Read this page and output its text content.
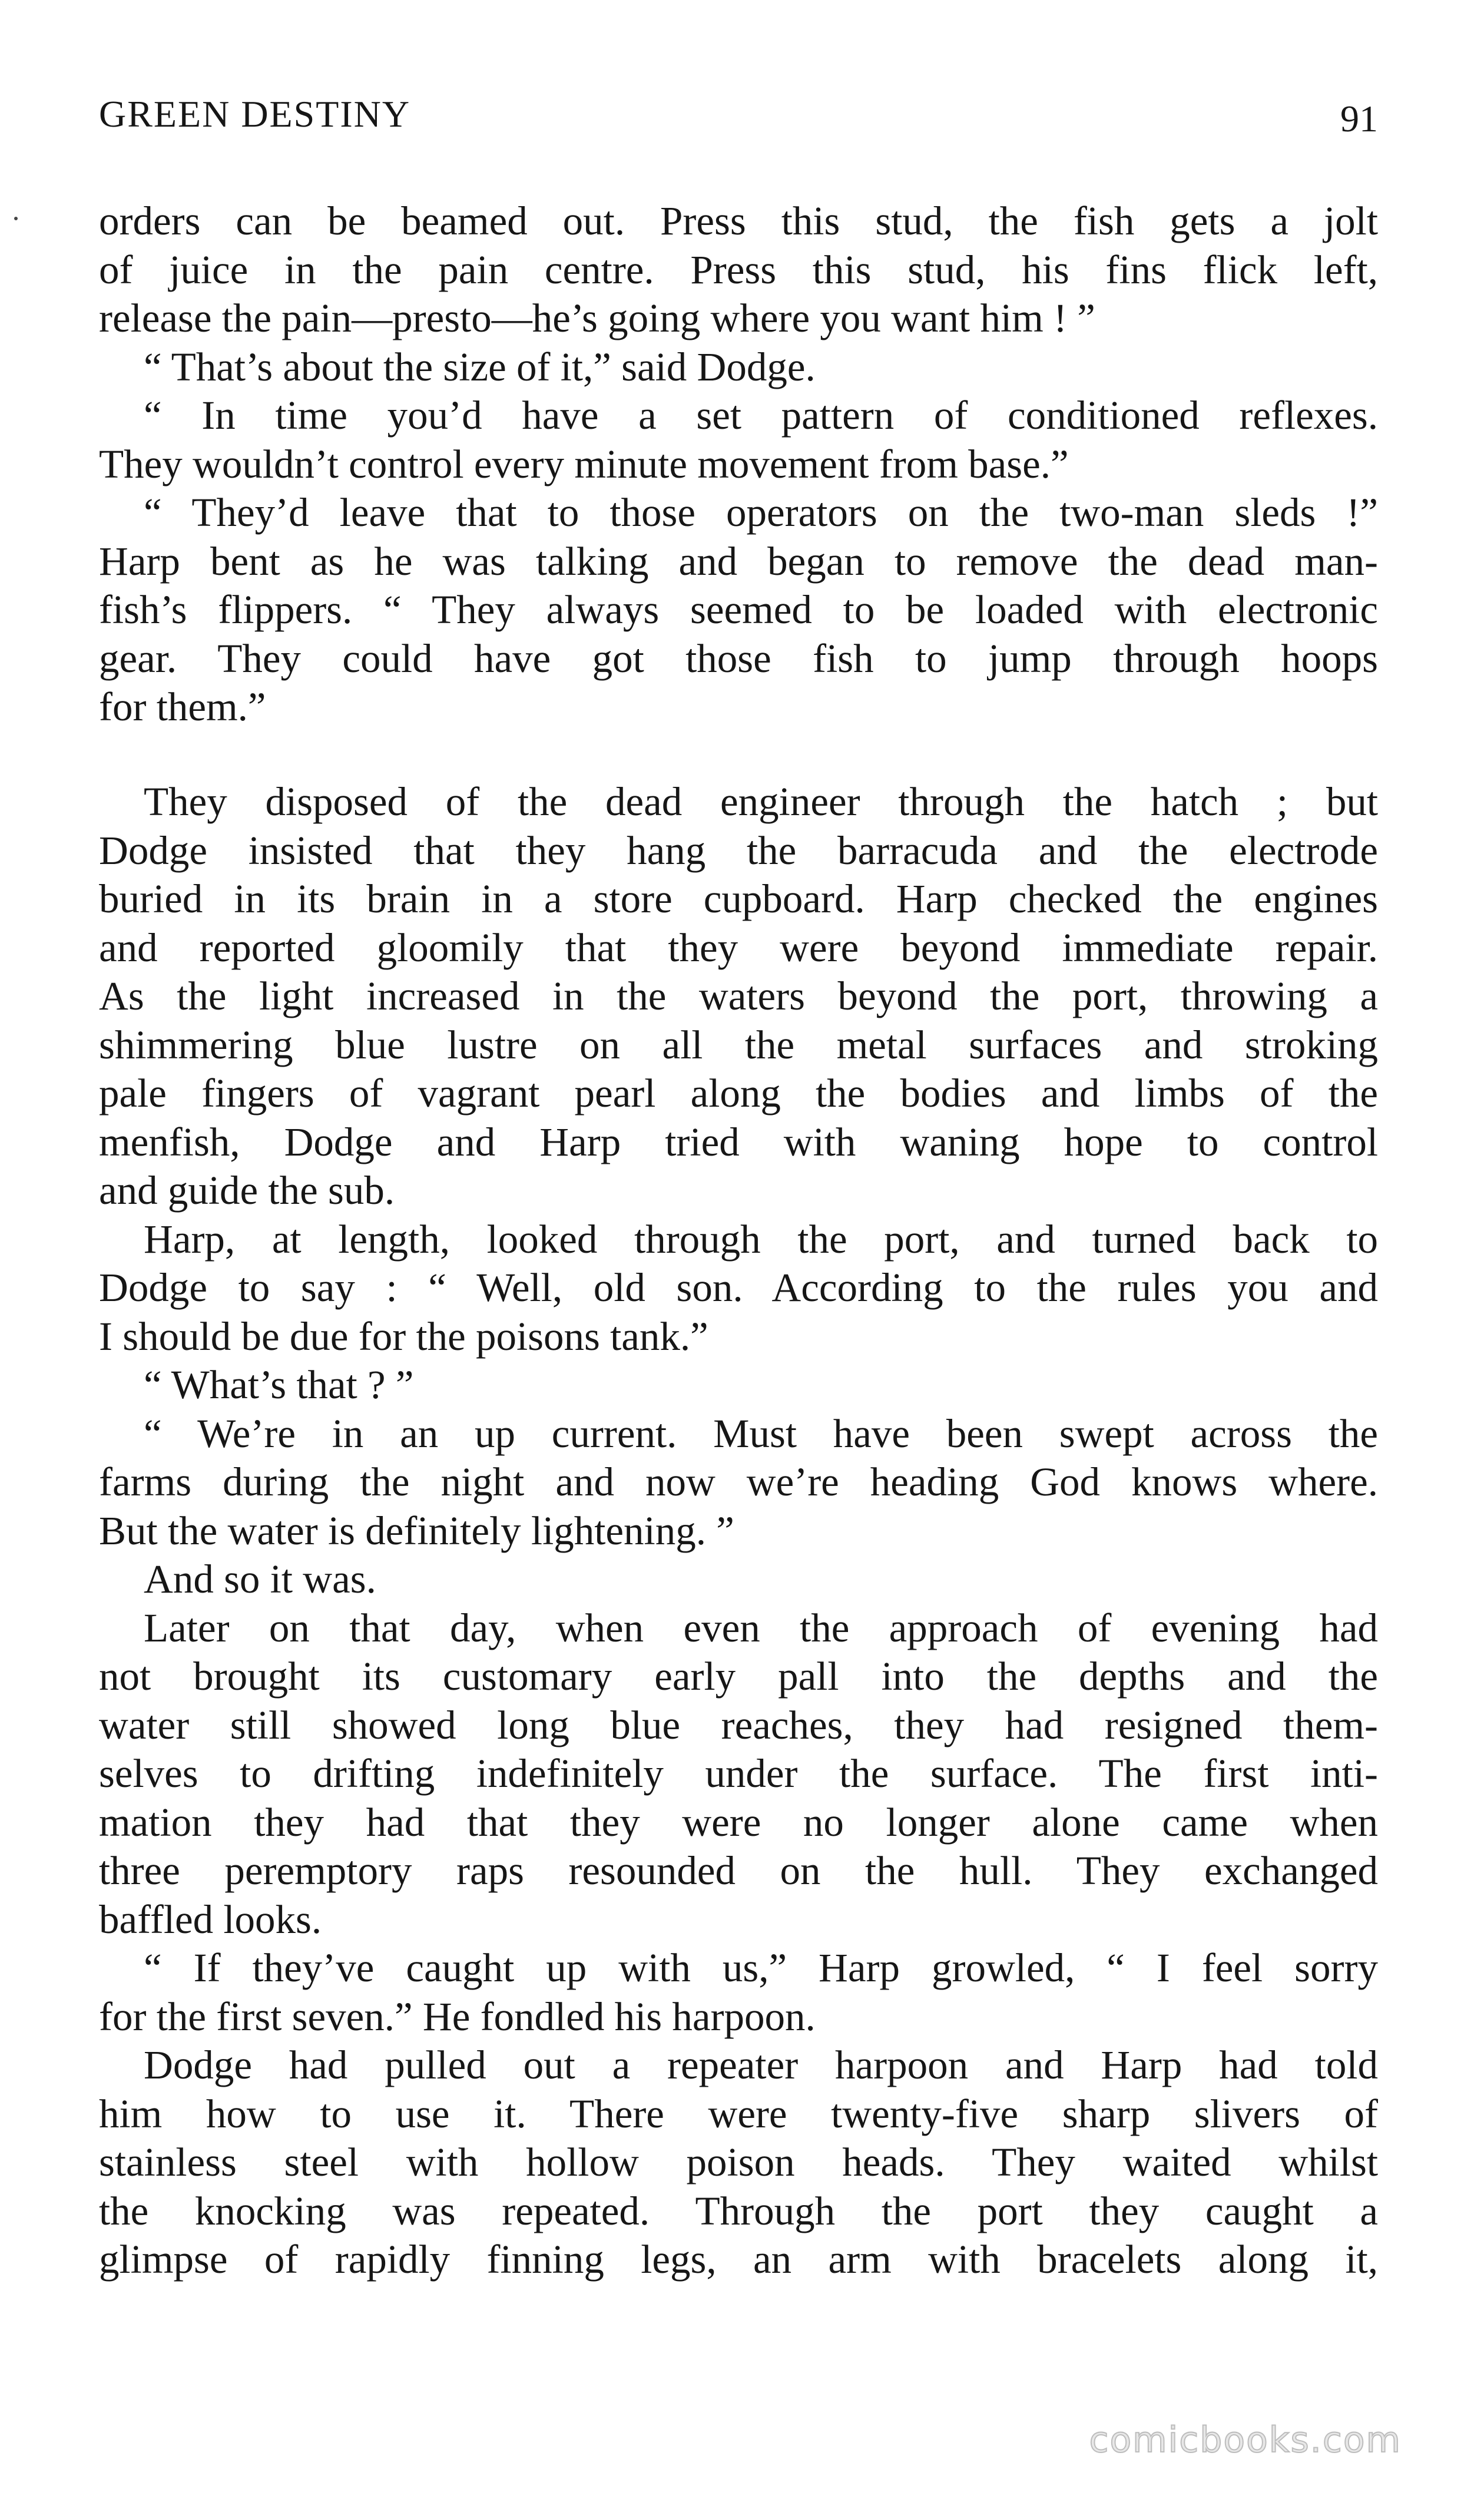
GREEN DESTINY	91
orders can be beamed out. Press this stud, the fish gets a jolt
of juice in the pain centre. Press this stud, his fins flick left,
release the pain—presto—he’s going where you want him ! ”
“ That’s about the size of it,” said Dodge.
“ In time you’d have a set pattern of conditioned reflexes.
They wouldn’t control every minute movement from base.”
“ They’d leave that to those operators on the two-man sleds !”
Harp bent as he was talking and began to remove the dead man-
fish’s flippers. “ They always seemed to be loaded with electronic
gear. They could have got those fish to jump through hoops
for them.”
They disposed of the dead engineer through the hatch ; but
Dodge insisted that they hang the barracuda and the electrode
buried in its brain in a store cupboard. Harp checked the engines
and reported gloomily that they were beyond immediate repair.
As the light increased in the waters beyond the port, throwing a
shimmering blue lustre on all the metal surfaces and stroking
pale fingers of vagrant pearl along the bodies and limbs of the
menfish, Dodge and Harp tried with waning hope to control
and guide the sub.
Harp, at length, looked through the port, and turned back to
Dodge to say : “ Well, old son. According to the rules you and
I should be due for the poisons tank.”
“ What’s that ? ”
“ We’re in an up current. Must have been swept across the
farms during the night and now we’re heading God knows where.
But the water is definitely lightening. ”
And so it was.
Later on that day, when even the approach of evening had
not brought its customary early pall into the depths and the
water still showed long blue reaches, they had resigned them-
selves to drifting indefinitely under the surface. The first inti-
mation they had that they were no longer alone came when
three peremptory raps resounded on the hull. They exchanged
baffled looks.
“ If they’ve caught up with us,” Harp growled, “ I feel sorry
for the first seven.” He fondled his harpoon.
Dodge had pulled out a repeater harpoon and Harp had told
him how to use it. There were twenty-five sharp slivers of
stainless steel with hollow poison heads. They waited whilst
the knocking was repeated. Through the port they caught a
glimpse of rapidly finning legs, an arm with bracelets along it,
comicbooks.com
